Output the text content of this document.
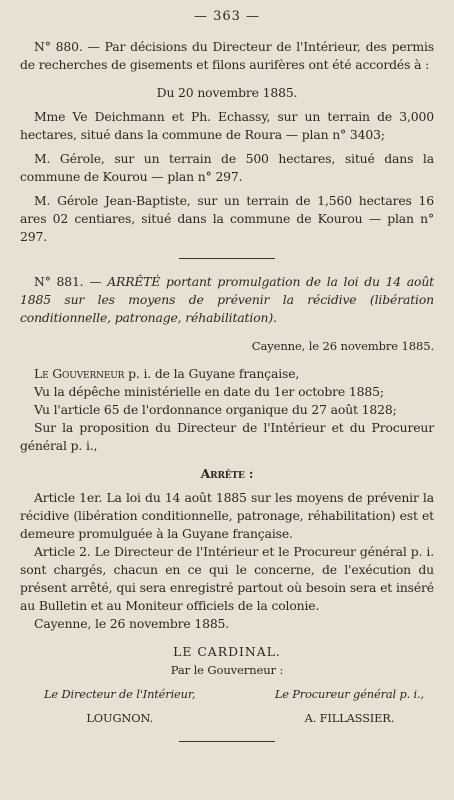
— 363 —

N° 880. — Par décisions du Directeur de l'Intérieur, des permis de recherches de gisements et filons aurifères ont été accordés à :

Du 20 novembre 1885.

Mme Ve Deichmann et Ph. Echassy, sur un terrain de 3,000 hectares, situé dans la commune de Roura — plan n° 3403;

M. Gérole, sur un terrain de 500 hectares, situé dans la commune de Kourou — plan n° 297.

M. Gérole Jean-Baptiste, sur un terrain de 1,560 hectares 16 ares 02 centiares, situé dans la commune de Kourou — plan n° 297.

N° 881. — ARRÊTÉ portant promulgation de la loi du 14 août 1885 sur les moyens de prévenir la récidive (libération conditionnelle, patronage, réhabilitation).

Cayenne, le 26 novembre 1885.

Le Gouverneur p. i. de la Guyane française,

Vu la dépêche ministérielle en date du 1er octobre 1885;

Vu l'article 65 de l'ordonnance organique du 27 août 1828;

Sur la proposition du Directeur de l'Intérieur et du Procureur général p. i.,

Arrête :

Article 1er. La loi du 14 août 1885 sur les moyens de prévenir la récidive (libération conditionnelle, patronage, réhabilitation) est et demeure promulguée à la Guyane française.

Article 2. Le Directeur de l'Intérieur et le Procureur général p. i. sont chargés, chacun en ce qui le concerne, de l'exécution du présent arrêté, qui sera enregistré partout où besoin sera et inséré au Bulletin et au Moniteur officiels de la colonie.

Cayenne, le 26 novembre 1885.

LE CARDINAL.

Par le Gouverneur :

Le Directeur de l'Intérieur,
LOUGNON.
Le Procureur général p. i.,
A. FILLASSIER.
